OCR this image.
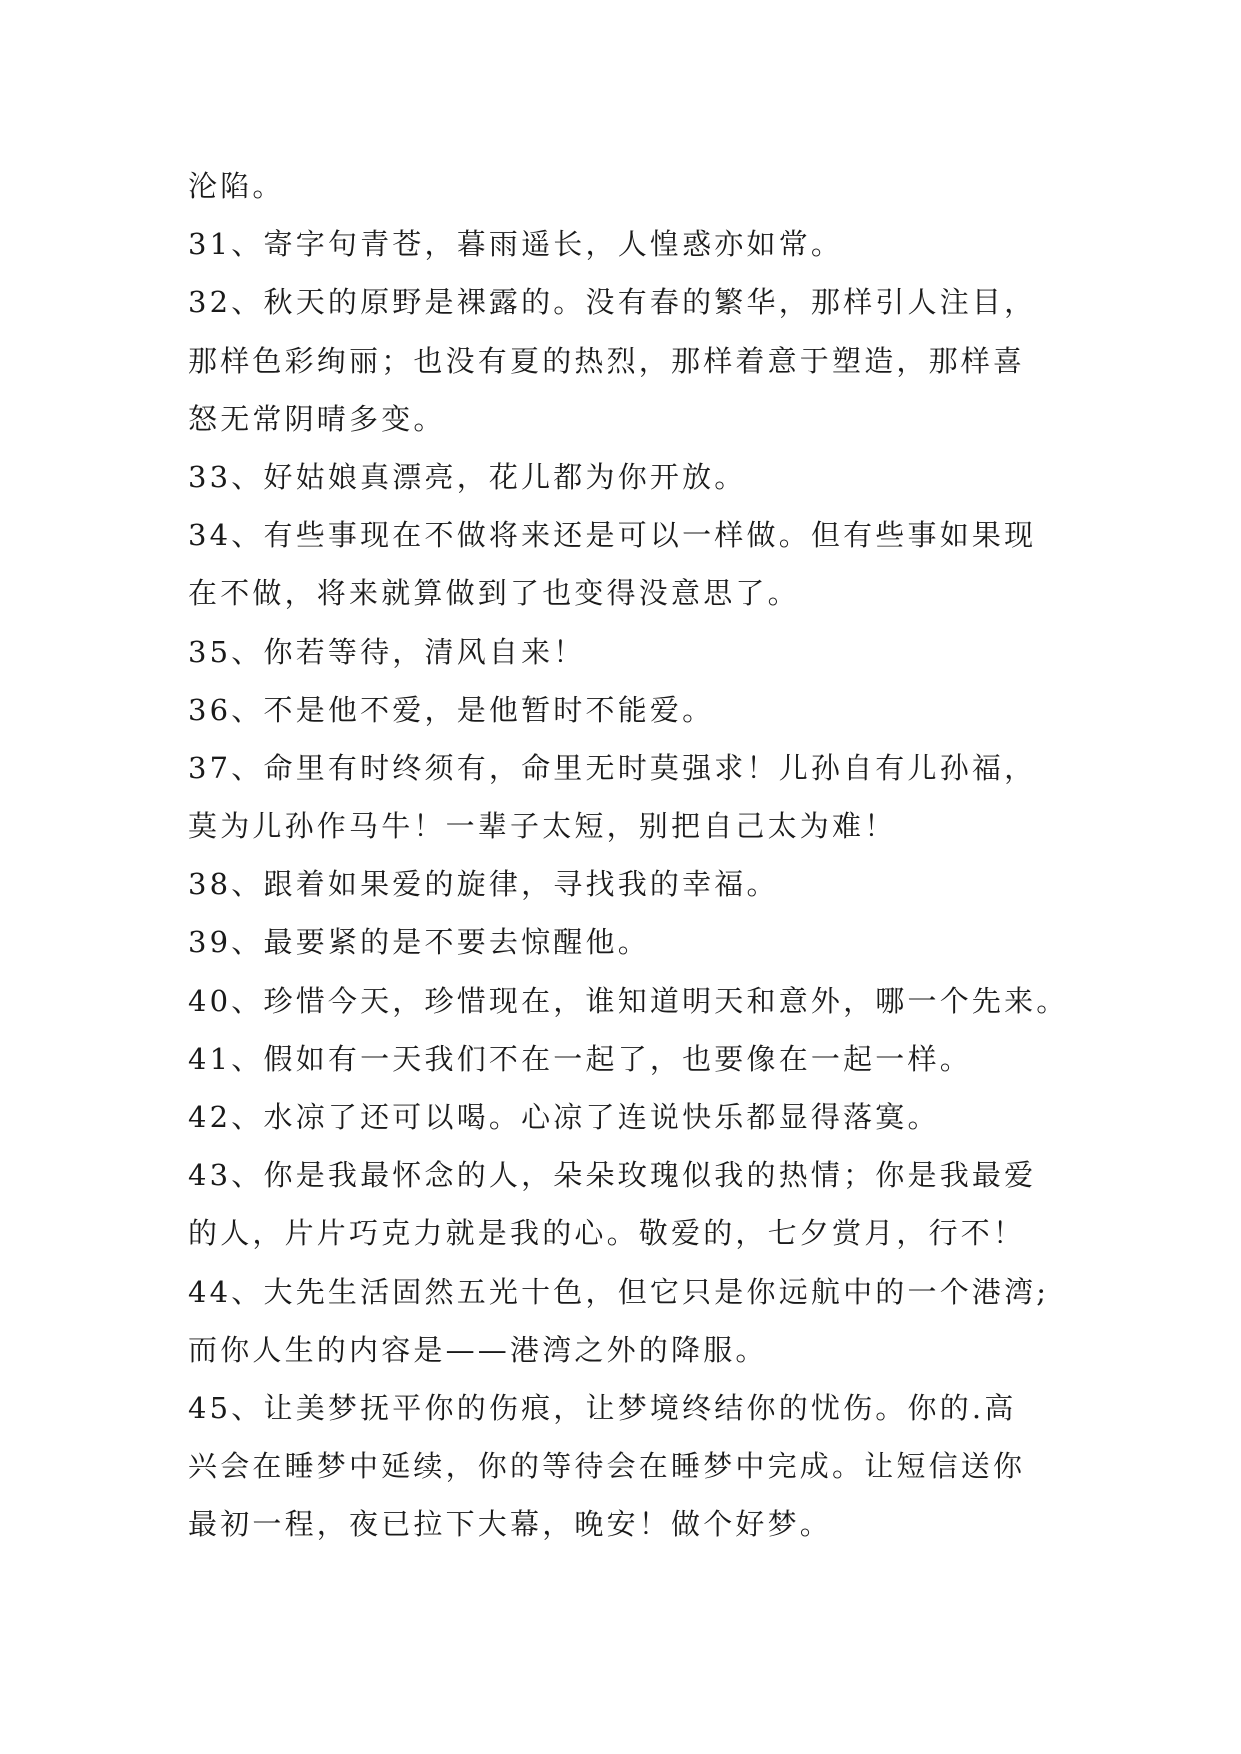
沦陷。
31、寄字句青苍，暮雨遥长，人惶惑亦如常。
32、秋天的原野是裸露的。没有春的繁华，那样引人注目，
那样色彩绚丽；也没有夏的热烈，那样着意于塑造，那样喜
怒无常阴晴多变。
33、好姑娘真漂亮，花儿都为你开放。
34、有些事现在不做将来还是可以一样做。但有些事如果现
在不做，将来就算做到了也变得没意思了。
35、你若等待，清风自来！
36、不是他不爱，是他暂时不能爱。
37、命里有时终须有，命里无时莫强求！儿孙自有儿孙福，
莫为儿孙作马牛！一辈子太短，别把自己太为难！
38、跟着如果爱的旋律，寻找我的幸福。
39、最要紧的是不要去惊醒他。
40、珍惜今天，珍惜现在，谁知道明天和意外，哪一个先来。
41、假如有一天我们不在一起了，也要像在一起一样。
42、水凉了还可以喝。心凉了连说快乐都显得落寞。
43、你是我最怀念的人，朵朵玫瑰似我的热情；你是我最爱
的人，片片巧克力就是我的心。敬爱的，七夕赏月，行不！
44、大先生活固然五光十色，但它只是你远航中的一个港湾;
而你人生的内容是——港湾之外的降服。
45、让美梦抚平你的伤痕，让梦境终结你的忧伤。你的.高
兴会在睡梦中延续，你的等待会在睡梦中完成。让短信送你
最初一程，夜已拉下大幕，晚安！做个好梦。
